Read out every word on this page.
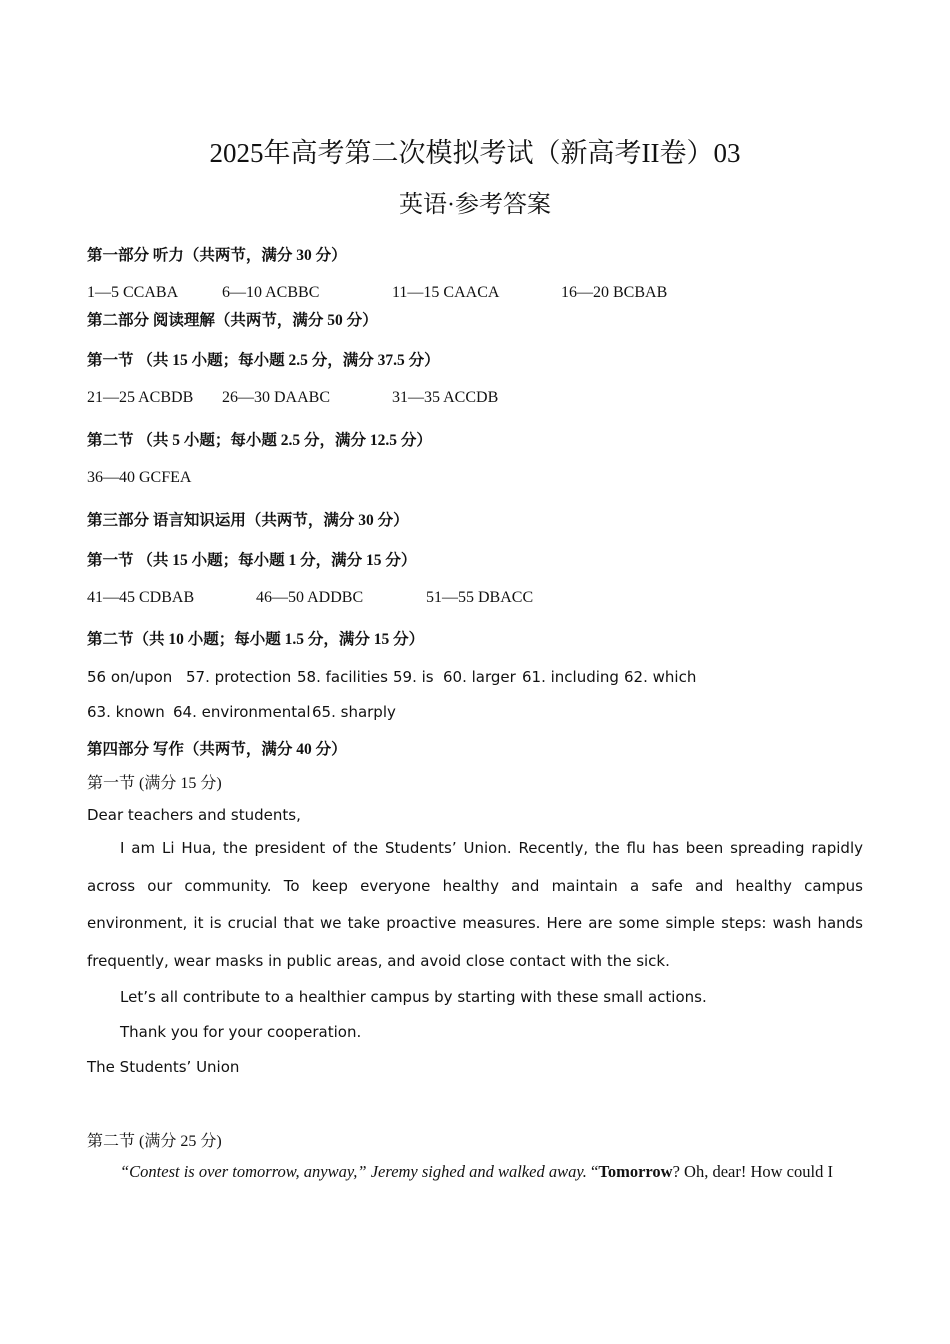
2025年高考第二次模拟考试（新高考II卷）03
英语·参考答案
第一部分 听力（共两节，满分 30 分）
1—5 CCABA	6—10 ACBBC	11—15 CAACA	16—20 BCBAB
第二部分 阅读理解（共两节，满分 50 分）
第一节 （共 15 小题；每小题 2.5 分，满分 37.5 分）
21—25 ACBDB 26—30 DAABC	31—35 ACCDB
第二节 （共 5 小题；每小题 2.5 分，满分 12.5 分）
36—40 GCFEA
第三部分 语言知识运用（共两节，满分 30 分）
第一节 （共 15 小题；每小题 1 分，满分 15 分）
41—45 CDBAB	46—50 ADDBC	51—55 DBACC
第二节（共 10 小题；每小题 1.5 分，满分 15 分）
56 on/upon 57. protection 58. facilities 59. is 60. larger 61. including 62. which
63. known 64. environmental 65. sharply
第四部分 写作（共两节，满分 40 分）
第一节 (满分 15 分)
Dear teachers and students,
I am Li Hua, the president of the Students’ Union. Recently, the flu has been spreading rapidly across our community. To keep everyone healthy and maintain a safe and healthy campus environment, it is crucial that we take proactive measures. Here are some simple steps: wash hands frequently, wear masks in public areas, and avoid close contact with the sick.
Let’s all contribute to a healthier campus by starting with these small actions.
Thank you for your cooperation.
The Students’ Union
第二节 (满分 25 分)
“Contest is over tomorrow, anyway,” Jeremy sighed and walked away. “Tomorrow? Oh, dear! How could I
